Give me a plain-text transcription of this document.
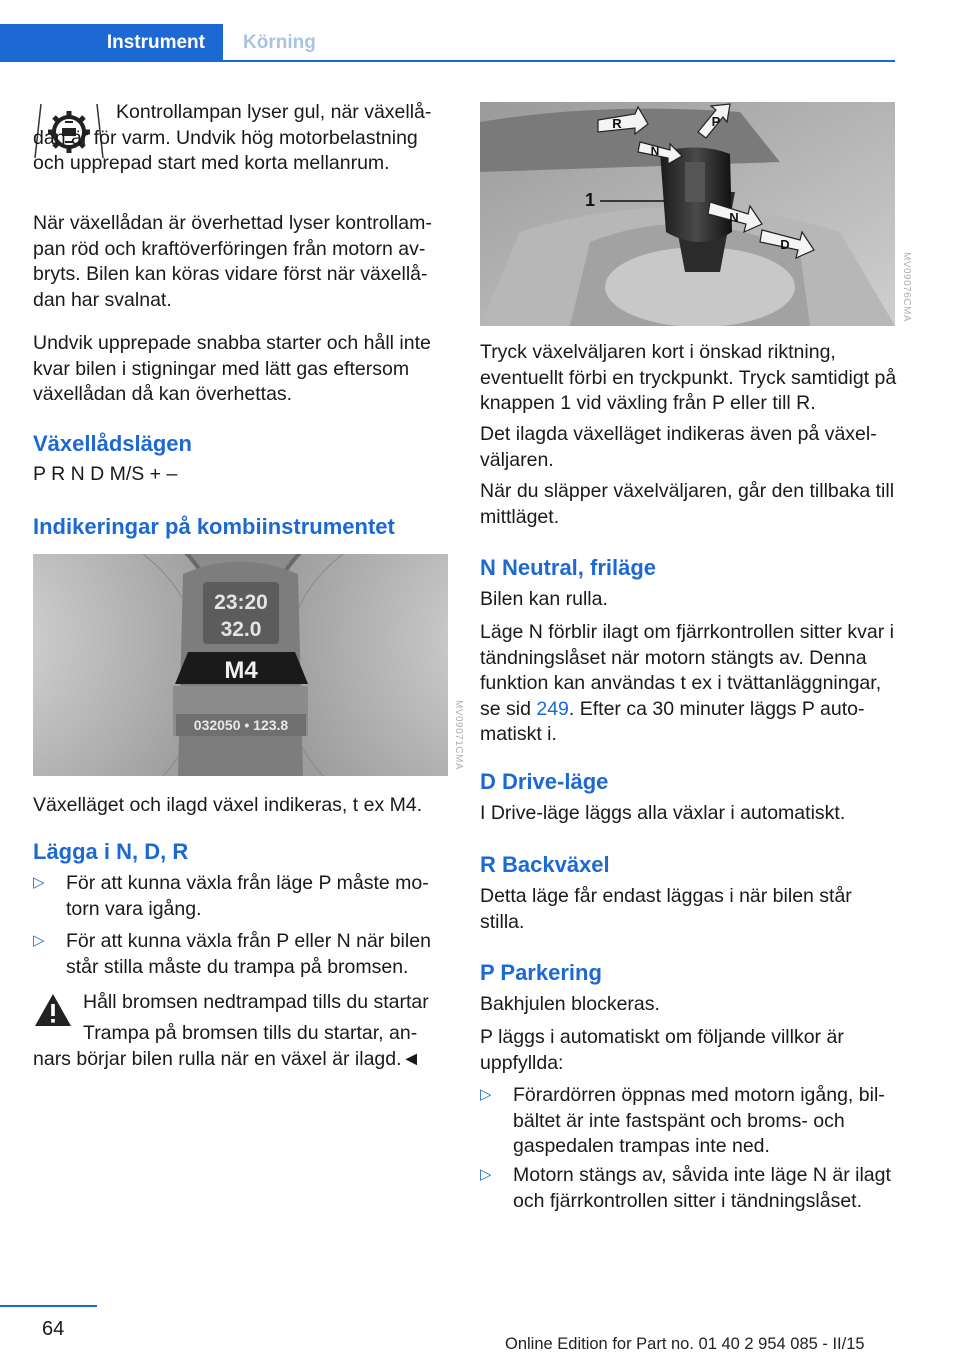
Instrument	Körning

Kontrollampan lyser gul, när växellådan är för varm. Undvik hög motorbelastning och upprepad start med korta mellanrum.

När växellådan är överhettad lyser kontrollampan röd och kraftöverföringen från motorn avbryts. Bilen kan köras vidare först när växellådan har svalnat.

Undvik upprepade snabba starter och håll inte kvar bilen i stigningar med lätt gas eftersom växellådan då kan överhettas.

Växellådslägen

P R N D M/S + –

Indikeringar på kombiinstrumentet
23:20
32.0
M4
032050 • 123.8	MV09071CMA

Växelläget och ilagd växel indikeras, t ex M4.

Lägga i N, D, R
▷	För att kunna växla från läge P måste motorn vara igång.
▷	För att kunna växla från P eller N när bilen står stilla måste du trampa på bromsen.

Håll bromsen nedtrampad tills du startar

Trampa på bromsen tills du startar, annars börjar bilen rulla när en växel är ilagd.◄

1
R	P
N
N
D
MV09076CMA

Tryck växelväljaren kort i önskad riktning, eventuellt förbi en tryckpunkt. Tryck samtidigt på knappen 1 vid växling från P eller till R.

Det ilagda växelläget indikeras även på växelväljaren.

När du släpper växelväljaren, går den tillbaka till mittläget.

N Neutral, friläge

Bilen kan rulla.

Läge N förblir ilagt om fjärrkontrollen sitter kvar i tändningslåset när motorn stängts av. Denna funktion kan användas t ex i tvättanläggningar, se sid 249. Efter ca 30 minuter läggs P automatiskt i.

D Drive-läge

I Drive-läge läggs alla växlar i automatiskt.

R Backväxel

Detta läge får endast läggas i när bilen står stilla.

P Parkering

Bakhjulen blockeras.

P läggs i automatiskt om följande villkor är uppfyllda:

▷	Förardörren öppnas med motorn igång, bilbältet är inte fastspänt och broms- och gaspedalen trampas inte ned.
▷	Motorn stängs av, såvida inte läge N är ilagt och fjärrkontrollen sitter i tändningslåset.
64
Online Edition for Part no. 01 40 2 954 085 - II/15
